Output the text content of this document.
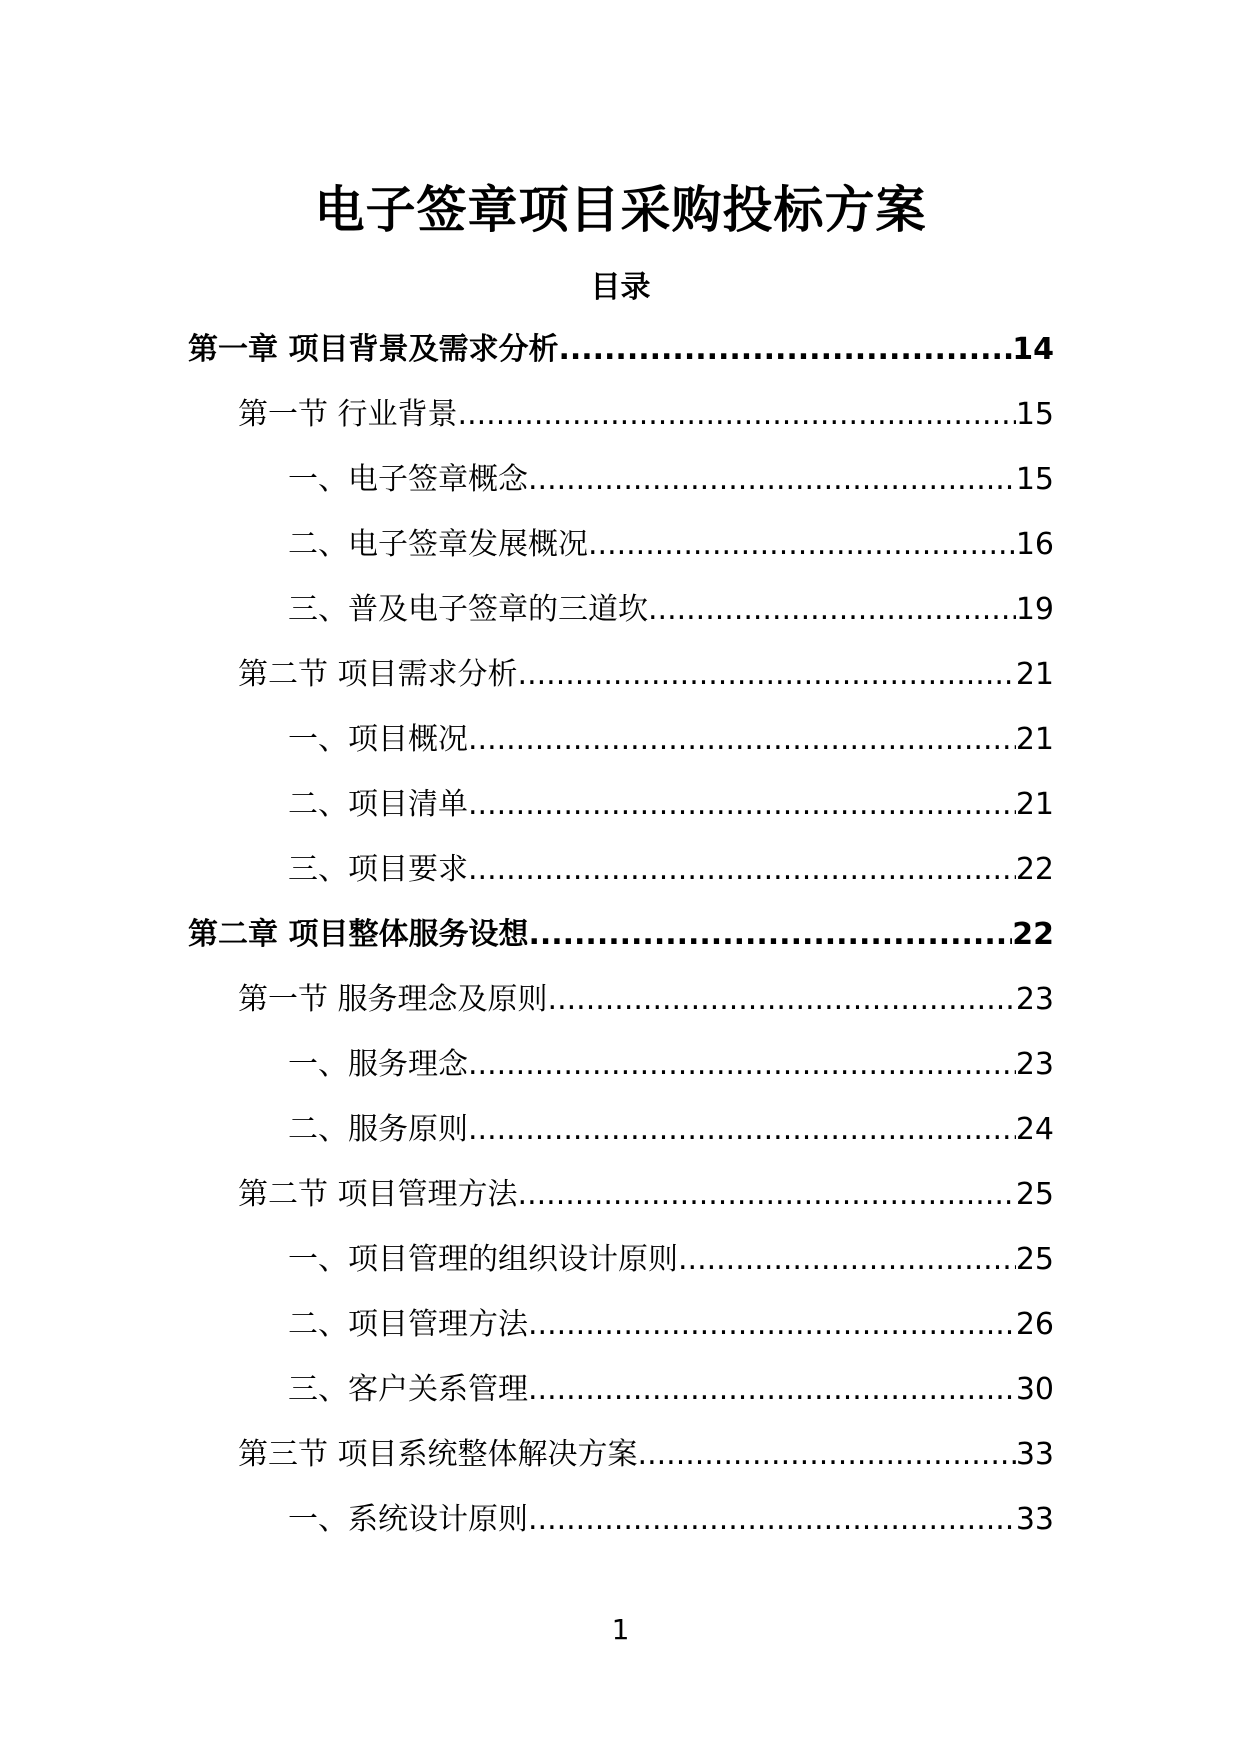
电子签章项目采购投标方案
目录
第一章 项目背景及需求分析 .....	14
第一节 行业背景 .....	15
一、电子签章概念 .....	15
二、电子签章发展概况 .....	16
三、普及电子签章的三道坎 .....	19
第二节 项目需求分析 .....	21
一、项目概况 .....	21
二、项目清单 .....	21
三、项目要求 .....	22
第二章 项目整体服务设想 .....	22
第一节 服务理念及原则 .....	23
一、服务理念 .....	23
二、服务原则 .....	24
第二节 项目管理方法 .....	25
一、项目管理的组织设计原则 .....	25
二、项目管理方法 .....	26
三、客户关系管理 .....	30
第三节 项目系统整体解决方案 .....	33
一、系统设计原则 .....	33
1
